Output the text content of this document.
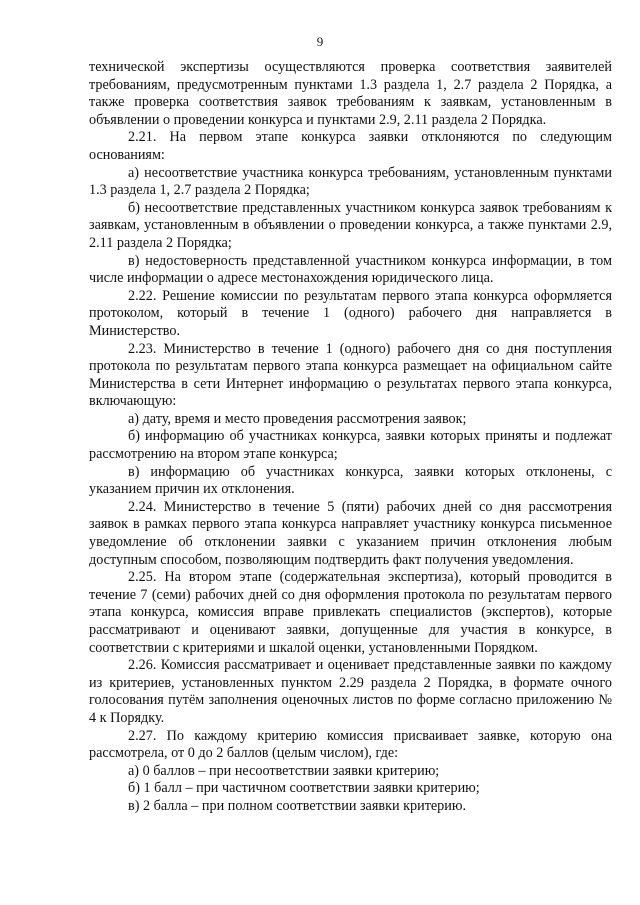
9

технической экспертизы осуществляются проверка соответствия заявителей требованиям, предусмотренным пунктами 1.3 раздела 1, 2.7 раздела 2 Порядка, а также проверка соответствия заявок требованиям к заявкам, установленным в объявлении о проведении конкурса и пунктами 2.9, 2.11 раздела 2 Порядка.

2.21. На первом этапе конкурса заявки отклоняются по следующим основаниям:

а) несоответствие участника конкурса требованиям, установленным пунктами 1.3 раздела 1, 2.7 раздела 2 Порядка;

б) несоответствие представленных участником конкурса заявок требованиям к заявкам, установленным в объявлении о проведении конкурса, а также пунктами 2.9, 2.11 раздела 2 Порядка;

в) недостоверность представленной участником конкурса информации, в том числе информации о адресе местонахождения юридического лица.

2.22. Решение комиссии по результатам первого этапа конкурса оформляется протоколом, который в течение 1 (одного) рабочего дня направляется в Министерство.

2.23. Министерство в течение 1 (одного) рабочего дня со дня поступления протокола по результатам первого этапа конкурса размещает на официальном сайте Министерства в сети Интернет информацию о результатах первого этапа конкурса, включающую:

а) дату, время и место проведения рассмотрения заявок;

б) информацию об участниках конкурса, заявки которых приняты и подлежат рассмотрению на втором этапе конкурса;

в) информацию об участниках конкурса, заявки которых отклонены, с указанием причин их отклонения.

2.24. Министерство в течение 5 (пяти) рабочих дней со дня рассмотрения заявок в рамках первого этапа конкурса направляет участнику конкурса письменное уведомление об отклонении заявки с указанием причин отклонения любым доступным способом, позволяющим подтвердить факт получения уведомления.

2.25. На втором этапе (содержательная экспертиза), который проводится в течение 7 (семи) рабочих дней со дня оформления протокола по результатам первого этапа конкурса, комиссия вправе привлекать специалистов (экспертов), которые рассматривают и оценивают заявки, допущенные для участия в конкурсе, в соответствии с критериями и шкалой оценки, установленными Порядком.

2.26. Комиссия рассматривает и оценивает представленные заявки по каждому из критериев, установленных пунктом 2.29 раздела 2 Порядка, в формате очного голосования путём заполнения оценочных листов по форме согласно приложению № 4 к Порядку.

2.27. По каждому критерию комиссия присваивает заявке, которую она рассмотрела, от 0 до 2 баллов (целым числом), где:

а) 0 баллов – при несоответствии заявки критерию;

б) 1 балл – при частичном соответствии заявки критерию;

в) 2 балла – при полном соответствии заявки критерию.
